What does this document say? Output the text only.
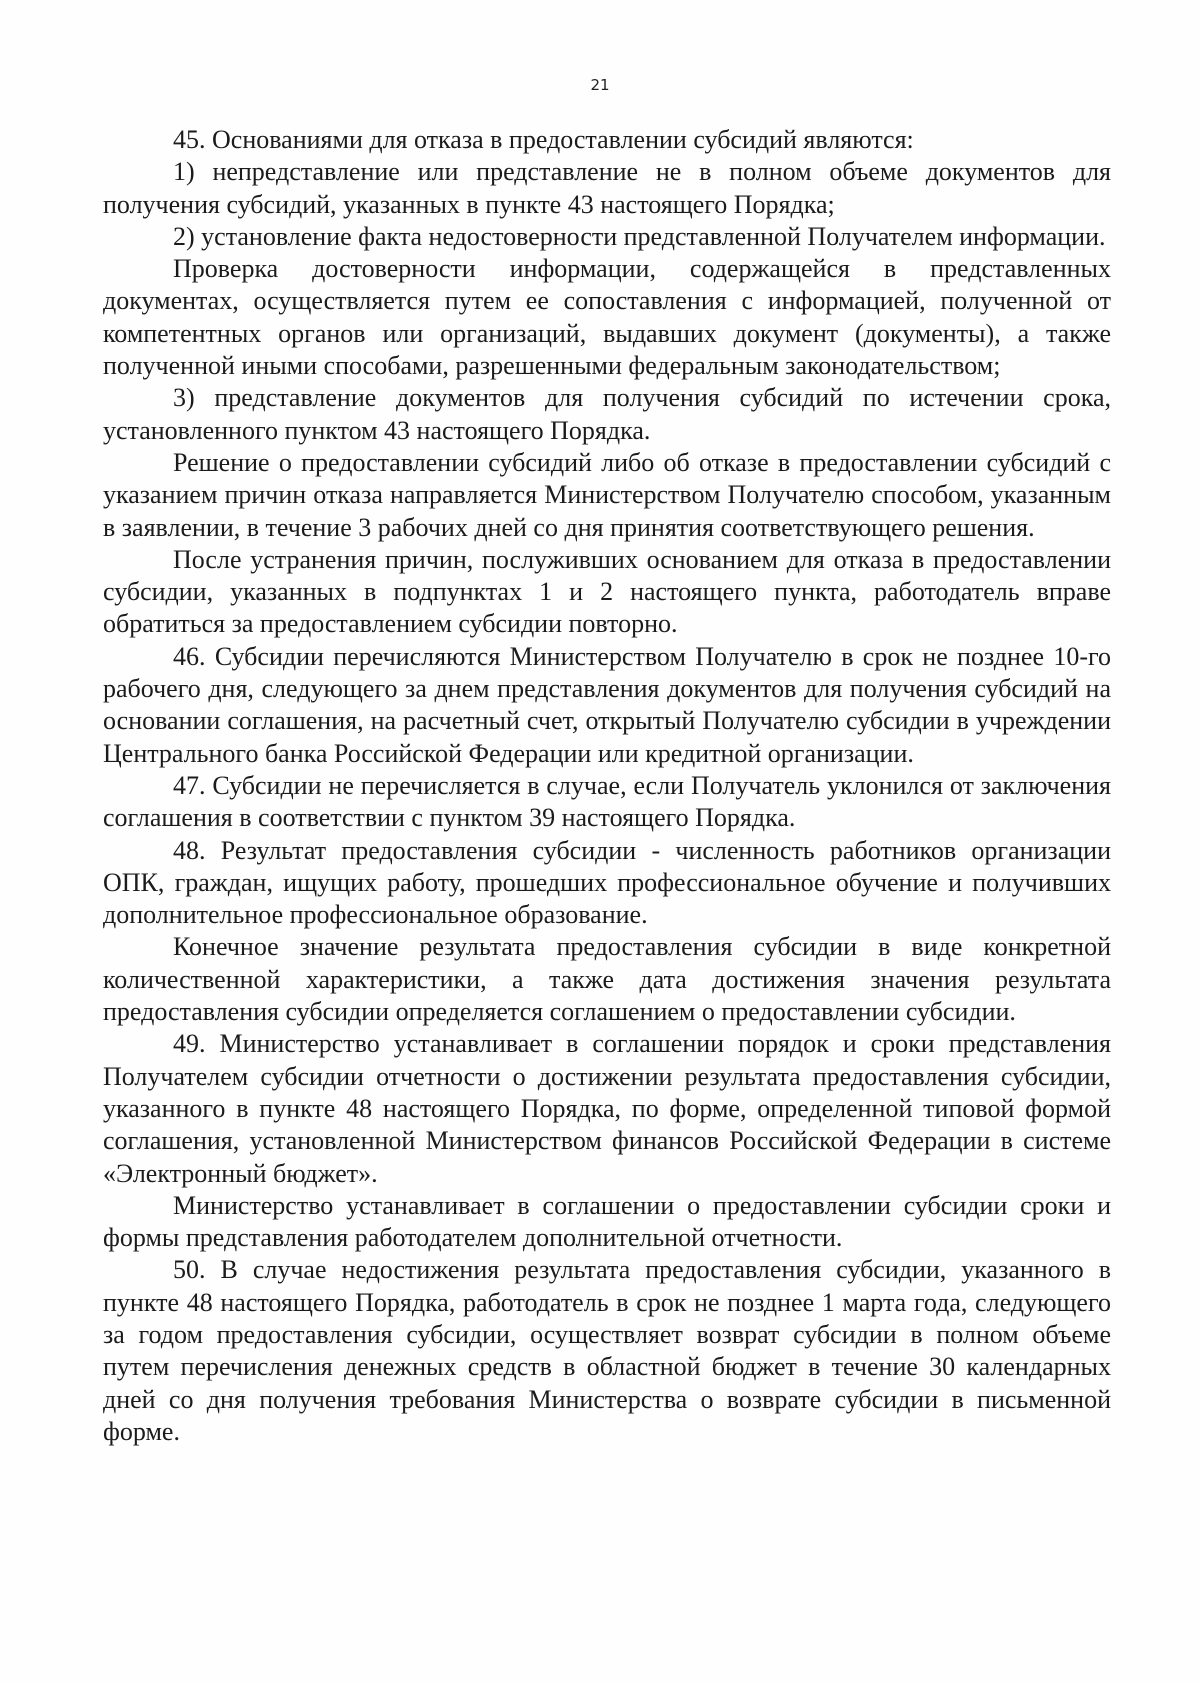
21

45. Основаниями для отказа в предоставлении субсидий являются:

1) непредставление или представление не в полном объеме документов для получения субсидий, указанных в пункте 43 настоящего Порядка;

2) установление факта недостоверности представленной Получателем информации.

Проверка достоверности информации, содержащейся в представленных документах, осуществляется путем ее сопоставления с информацией, полученной от компетентных органов или организаций, выдавших документ (документы), а также полученной иными способами, разрешенными федеральным законодательством;

3) представление документов для получения субсидий по истечении срока, установленного пунктом 43 настоящего Порядка.

Решение о предоставлении субсидий либо об отказе в предоставлении субсидий с указанием причин отказа направляется Министерством Получателю способом, указанным в заявлении, в течение 3 рабочих дней со дня принятия соответствующего решения.

После устранения причин, послуживших основанием для отказа в предоставлении субсидии, указанных в подпунктах 1 и 2 настоящего пункта, работодатель вправе обратиться за предоставлением субсидии повторно.

46. Субсидии перечисляются Министерством Получателю в срок не позднее 10-го рабочего дня, следующего за днем представления документов для получения субсидий на основании соглашения, на расчетный счет, открытый Получателю субсидии в учреждении Центрального банка Российской Федерации или кредитной организации.

47. Субсидии не перечисляется в случае, если Получатель уклонился от заключения соглашения в соответствии с пунктом 39 настоящего Порядка.

48. Результат предоставления субсидии - численность работников организации ОПК, граждан, ищущих работу, прошедших профессиональное обучение и получивших дополнительное профессиональное образование.

Конечное значение результата предоставления субсидии в виде конкретной количественной характеристики, а также дата достижения значения результата предоставления субсидии определяется соглашением о предоставлении субсидии.

49. Министерство устанавливает в соглашении порядок и сроки представления Получателем субсидии отчетности о достижении результата предоставления субсидии, указанного в пункте 48 настоящего Порядка, по форме, определенной типовой формой соглашения, установленной Министерством финансов Российской Федерации в системе «Электронный бюджет».

Министерство устанавливает в соглашении о предоставлении субсидии сроки и формы представления работодателем дополнительной отчетности.

50. В случае недостижения результата предоставления субсидии, указанного в пункте 48 настоящего Порядка, работодатель в срок не позднее 1 марта года, следующего за годом предоставления субсидии, осуществляет возврат субсидии в полном объеме путем перечисления денежных средств в областной бюджет в течение 30 календарных дней со дня получения требования Министерства о возврате субсидии в письменной форме.
